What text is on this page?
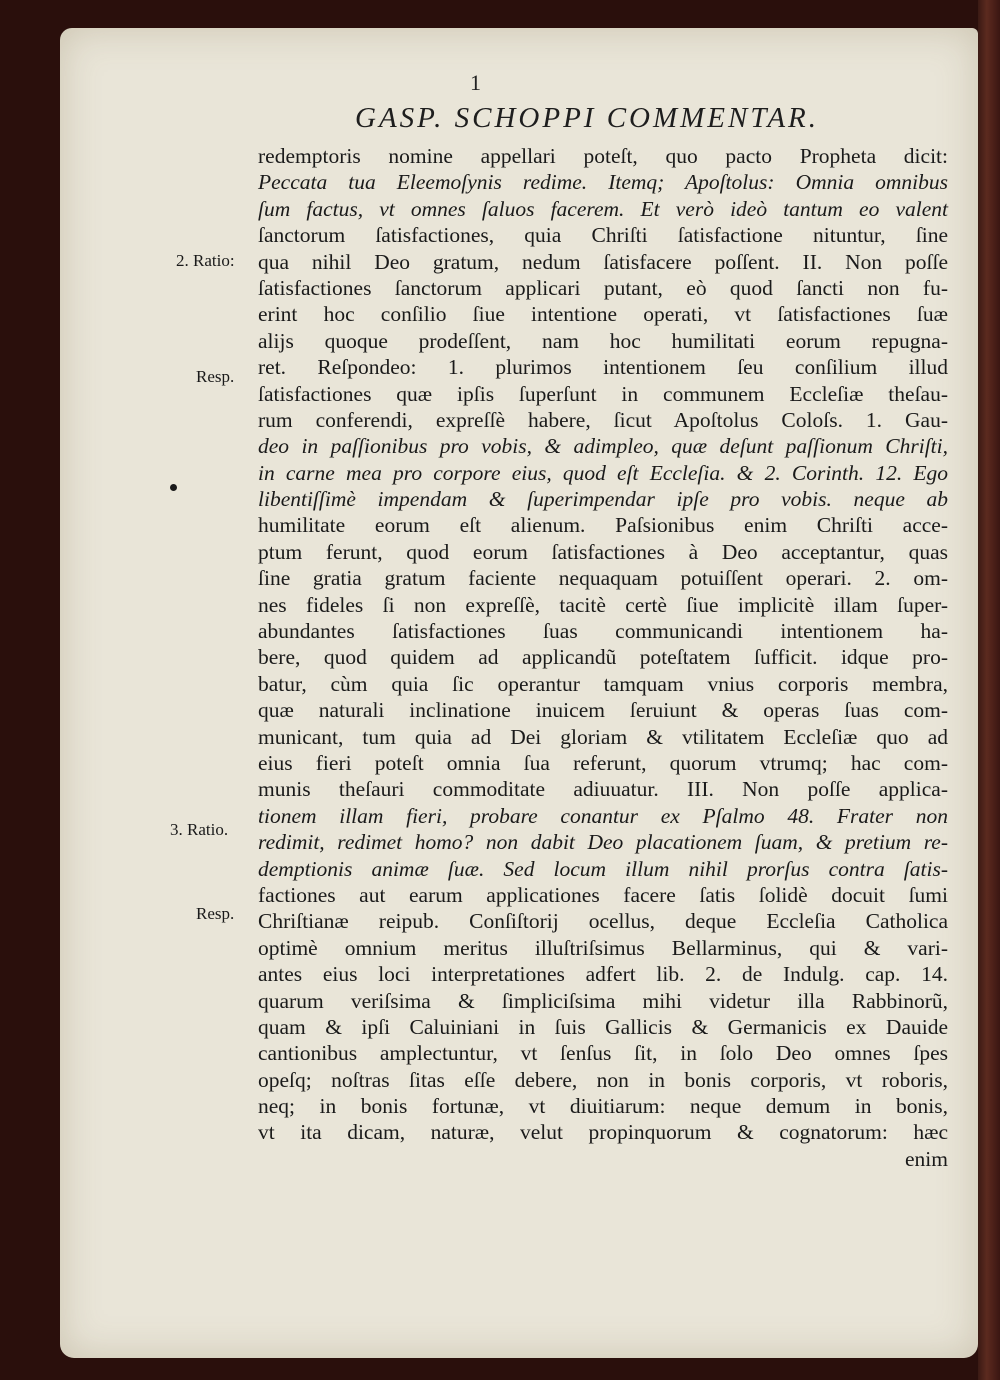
1
GASP. SCHOPPI COMMENTAR.
2. Ratio:
Resp.
3. Ratio.
Resp.
redemptoris nomine appellari poteſt, quo pacto Propheta dicit:
Peccata tua Eleemoſynis redime. Itemq; Apoſtolus: Omnia omnibus
ſum factus, vt omnes ſaluos facerem. Et verò ideò tantum eo valent
ſanctorum ſatisfactiones, quia Chriſti ſatisfactione nituntur, ſine
qua nihil Deo gratum, nedum ſatisfacere poſſent. II. Non poſſe
ſatisfactiones ſanctorum applicari putant, eò quod ſancti non fu-
erint hoc conſilio ſiue intentione operati, vt ſatisfactiones ſuæ
alijs quoque prodeſſent, nam hoc humilitati eorum repugna-
ret. Reſpondeo: 1. plurimos intentionem ſeu conſilium illud
ſatisfactiones quæ ipſis ſuperſunt in communem Eccleſiæ theſau-
rum conferendi, expreſſè habere, ſicut Apoſtolus Coloſs. 1. Gau-
deo in paſſionibus pro vobis, & adimpleo, quæ deſunt paſſionum Chriſti,
in carne mea pro corpore eius, quod eſt Eccleſia. & 2. Corinth. 12. Ego
libentiſſimè impendam & ſuperimpendar ipſe pro vobis. neque ab
humilitate eorum eſt alienum. Paſsionibus enim Chriſti acce-
ptum ferunt, quod eorum ſatisfactiones à Deo acceptantur, quas
ſine gratia gratum faciente nequaquam potuiſſent operari. 2. om-
nes fideles ſi non expreſſè, tacitè certè ſiue implicitè illam ſuper-
abundantes ſatisfactiones ſuas communicandi intentionem ha-
bere, quod quidem ad applicandũ poteſtatem ſufficit. idque pro-
batur, cùm quia ſic operantur tamquam vnius corporis membra,
quæ naturali inclinatione inuicem ſeruiunt & operas ſuas com-
municant, tum quia ad Dei gloriam & vtilitatem Eccleſiæ quo ad
eius fieri poteſt omnia ſua referunt, quorum vtrumq; hac com-
munis theſauri commoditate adiuuatur. III. Non poſſe applica-
tionem illam fieri, probare conantur ex Pſalmo 48. Frater non
redimit, redimet homo? non dabit Deo placationem ſuam, & pretium re-
demptionis animæ ſuæ. Sed locum illum nihil prorſus contra ſatis-
factiones aut earum applicationes facere ſatis ſolidè docuit ſumi
Chriſtianæ reipub. Conſiſtorij ocellus, deque Eccleſia Catholica
optimè omnium meritus illuſtriſsimus Bellarminus, qui & vari-
antes eius loci interpretationes adfert lib. 2. de Indulg. cap. 14.
quarum veriſsima & ſimpliciſsima mihi videtur illa Rabbinorũ,
quam & ipſi Caluiniani in ſuis Gallicis & Germanicis ex Dauide
cantionibus amplectuntur, vt ſenſus ſit, in ſolo Deo omnes ſpes
opeſq; noſtras ſitas eſſe debere, non in bonis corporis, vt roboris,
neq; in bonis fortunæ, vt diuitiarum: neque demum in bonis,
vt ita dicam, naturæ, velut propinquorum & cognatorum: hæc
enim
